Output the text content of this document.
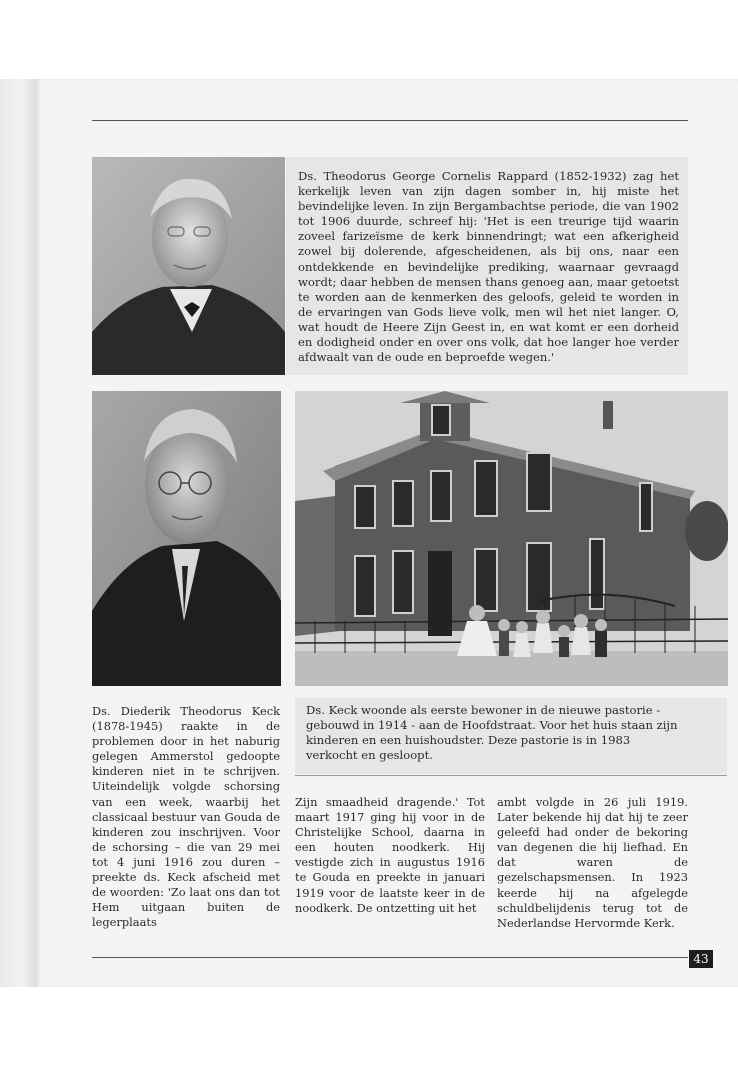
Ds. Theodorus George Cornelis Rappard (1852-1932) zag het kerkelijk leven van zijn dagen somber in, hij miste het bevindelijke leven. In zijn Bergambachtse periode, die van 1902 tot 1906 duurde, schreef hij: 'Het is een treurige tijd waarin zoveel farizeïsme de kerk binnendringt; wat een afkerigheid zowel bij dolerende, afgescheidenen, als bij ons, naar een ontdekkende en bevindelijke prediking, waarnaar gevraagd wordt; daar hebben de mensen thans genoeg aan, maar getoetst te worden aan de kenmerken des geloofs, geleid te worden in de ervaringen van Gods lieve volk, men wil het niet langer. O, wat houdt de Heere Zijn Geest in, en wat komt er een dorheid en dodigheid onder en over ons volk, dat hoe langer hoe verder afdwaalt van de oude en beproefde wegen.'
Ds. Keck woonde als eerste bewoner in de nieuwe pastorie - gebouwd in 1914 - aan de Hoofdstraat. Voor het huis staan zijn kinderen en een huishoudster. Deze pastorie is in 1983 verkocht en gesloopt.
Ds. Diederik Theodorus Keck (1878-1945) raakte in de problemen door in het naburig gelegen Ammerstol gedoopte kinderen niet in te schrijven. Uiteindelijk volgde schorsing van een week, waarbij het classicaal bestuur van Gouda de kinderen zou inschrijven. Voor de schorsing – die van 29 mei tot 4 juni 1916 zou duren – preekte ds. Keck afscheid met de woorden: 'Zo laat ons dan tot Hem uitgaan buiten de legerplaats
Zijn smaadheid dragende.' Tot maart 1917 ging hij voor in de Christelijke School, daarna in een houten noodkerk. Hij vestigde zich in augustus 1916 te Gouda en preekte in januari 1919 voor de laatste keer in de noodkerk. De ontzetting uit het
ambt volgde in 26 juli 1919. Later bekende hij dat hij te zeer geleefd had onder de bekoring van degenen die hij liefhad. En dat waren de gezelschapsmensen. In 1923 keerde hij na afgelegde schuldbelijdenis terug tot de Nederlandse Hervormde Kerk.
43
